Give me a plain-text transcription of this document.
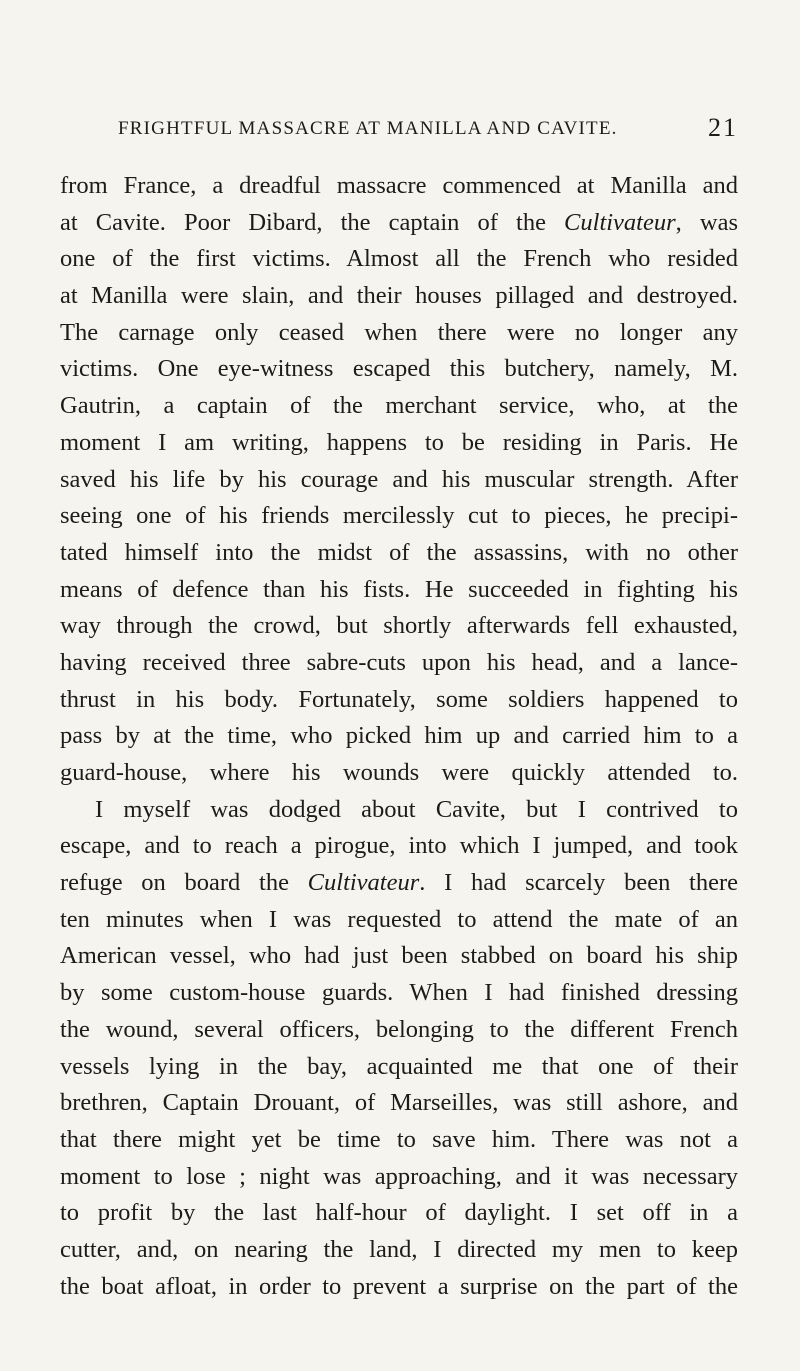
FRIGHTFUL MASSACRE AT MANILLA AND CAVITE.	21
from France, a dreadful massacre commenced at Manilla and
at Cavite. Poor Dibard, the captain of the Cultivateur, was
one of the first victims. Almost all the French who resided
at Manilla were slain, and their houses pillaged and destroyed.
The carnage only ceased when there were no longer any
victims. One eye-witness escaped this butchery, namely, M.
Gautrin, a captain of the merchant service, who, at the
moment I am writing, happens to be residing in Paris. He
saved his life by his courage and his muscular strength. After
seeing one of his friends mercilessly cut to pieces, he precipi-
tated himself into the midst of the assassins, with no other
means of defence than his fists. He succeeded in fighting his
way through the crowd, but shortly afterwards fell exhausted,
having received three sabre-cuts upon his head, and a lance-
thrust in his body. Fortunately, some soldiers happened to
pass by at the time, who picked him up and carried him to a
guard-house, where his wounds were quickly attended to.
I myself was dodged about Cavite, but I contrived to
escape, and to reach a pirogue, into which I jumped, and took
refuge on board the Cultivateur. I had scarcely been there
ten minutes when I was requested to attend the mate of an
American vessel, who had just been stabbed on board his ship
by some custom-house guards. When I had finished dressing
the wound, several officers, belonging to the different French
vessels lying in the bay, acquainted me that one of their
brethren, Captain Drouant, of Marseilles, was still ashore, and
that there might yet be time to save him. There was not a
moment to lose ; night was approaching, and it was necessary
to profit by the last half-hour of daylight. I set off in a
cutter, and, on nearing the land, I directed my men to keep
the boat afloat, in order to prevent a surprise on the part of the
